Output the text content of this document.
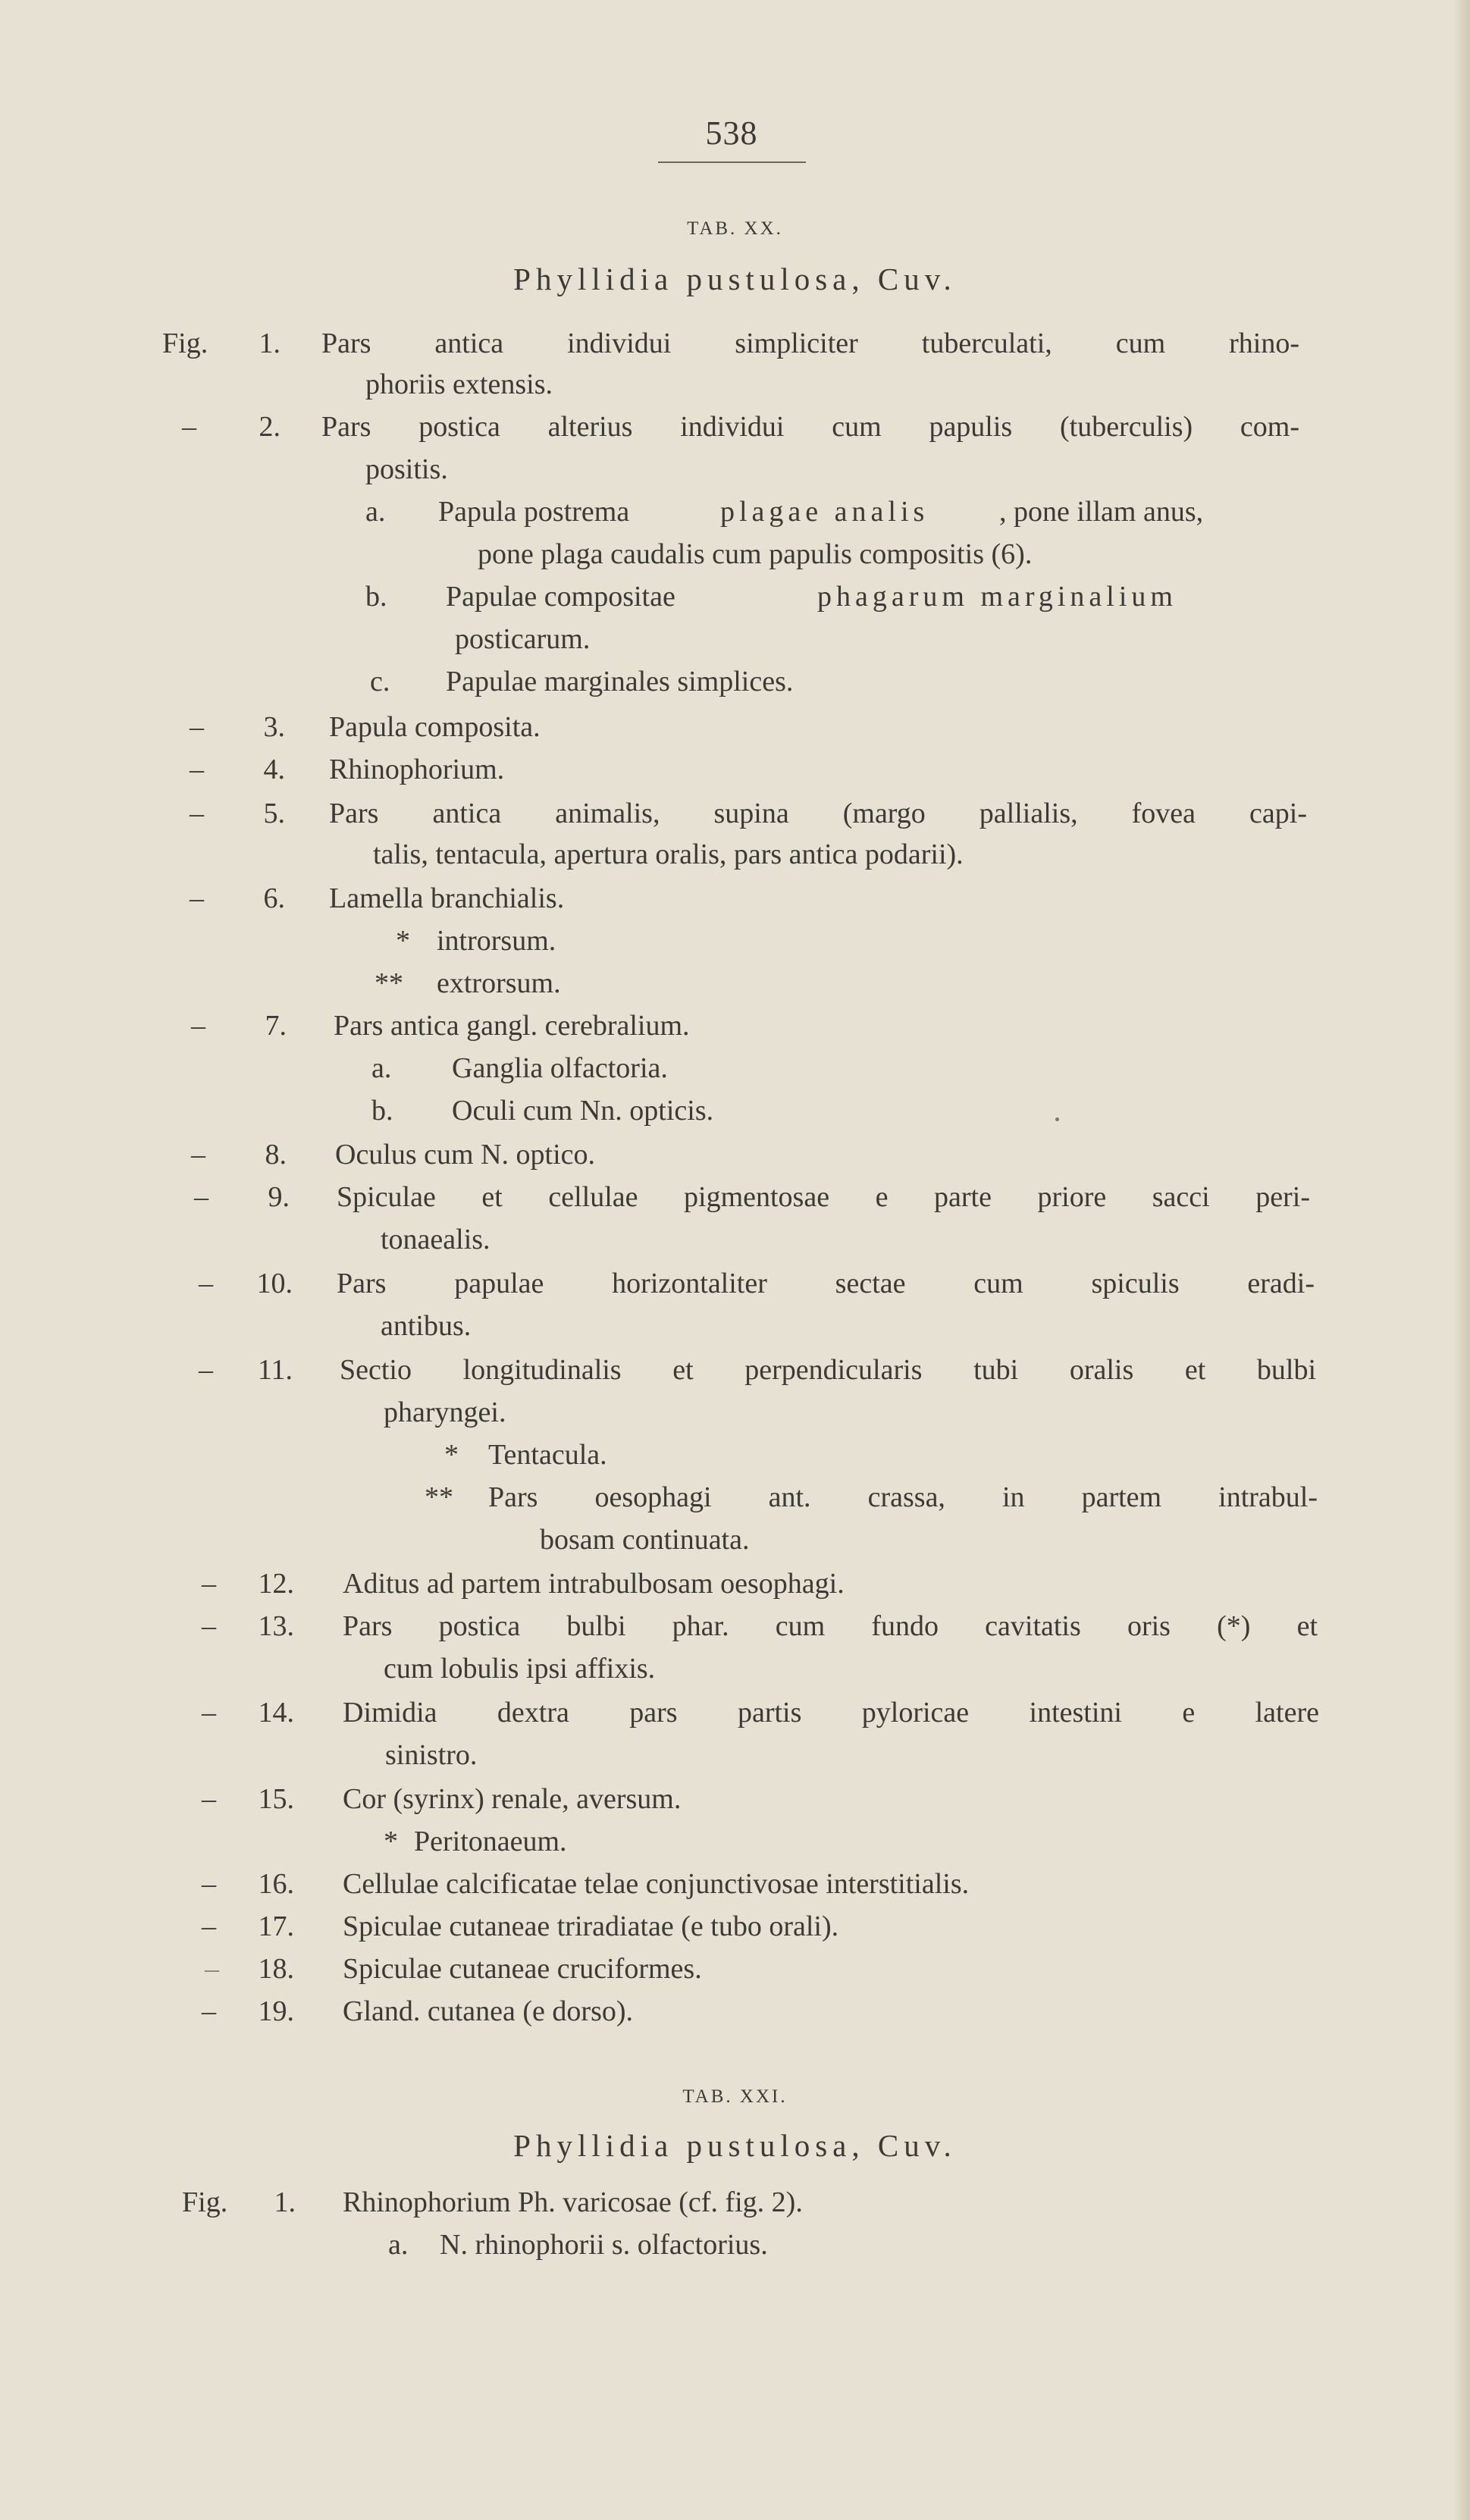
538
TAB. XX.
Phyllidia pustulosa, Cuv.
Fig.	1. Pars antica individui simpliciter tuberculati, cum rhino-
phoriis extensis.
–	2. Pars postica alterius individui cum papulis (tuberculis) com-
positis.
a. Papula postrema	plagae analis , pone illam anus,
pone plaga caudalis cum papulis compositis (6).
b. Papulae compositae	phagarum marginalium
posticarum.
c. Papulae marginales simplices.
–	3. Papula composita.
–	4. Rhinophorium.
–	5. Pars antica animalis, supina (margo pallialis, fovea capi-
talis, tentacula, apertura oralis, pars antica podarii).
–	6. Lamella branchialis.
* introrsum.
** extrorsum.
–	7. Pars antica gangl. cerebralium.
a. Ganglia olfactoria.
b. Oculi cum Nn. opticis.
–	8. Oculus cum N. optico.
–	9. Spiculae et cellulae pigmentosae e parte priore sacci peri-
tonaealis.
–	10. Pars papulae horizontaliter sectae cum spiculis eradi-
antibus.
–	11. Sectio longitudinalis et perpendicularis tubi oralis et bulbi
pharyngei.
* Tentacula.
** Pars oesophagi ant. crassa, in partem intrabul-
bosam continuata.
–	12. Aditus ad partem intrabulbosam oesophagi.
–	13. Pars postica bulbi phar. cum fundo cavitatis oris (*) et
cum lobulis ipsi affixis.
–	14. Dimidia dextra pars partis pyloricae intestini e latere
sinistro.
–	15. Cor (syrinx) renale, aversum.
* Peritonaeum.
–	16. Cellulae calcificatae telae conjunctivosae interstitialis.
–	17. Spiculae cutaneae triradiatae (e tubo orali).
–	18. Spiculae cutaneae cruciformes.
–	19. Gland. cutanea (e dorso).
TAB. XXI.
Phyllidia pustulosa, Cuv.
Fig.	1. Rhinophorium Ph. varicosae (cf. fig. 2).
a. N. rhinophorii s. olfactorius.
